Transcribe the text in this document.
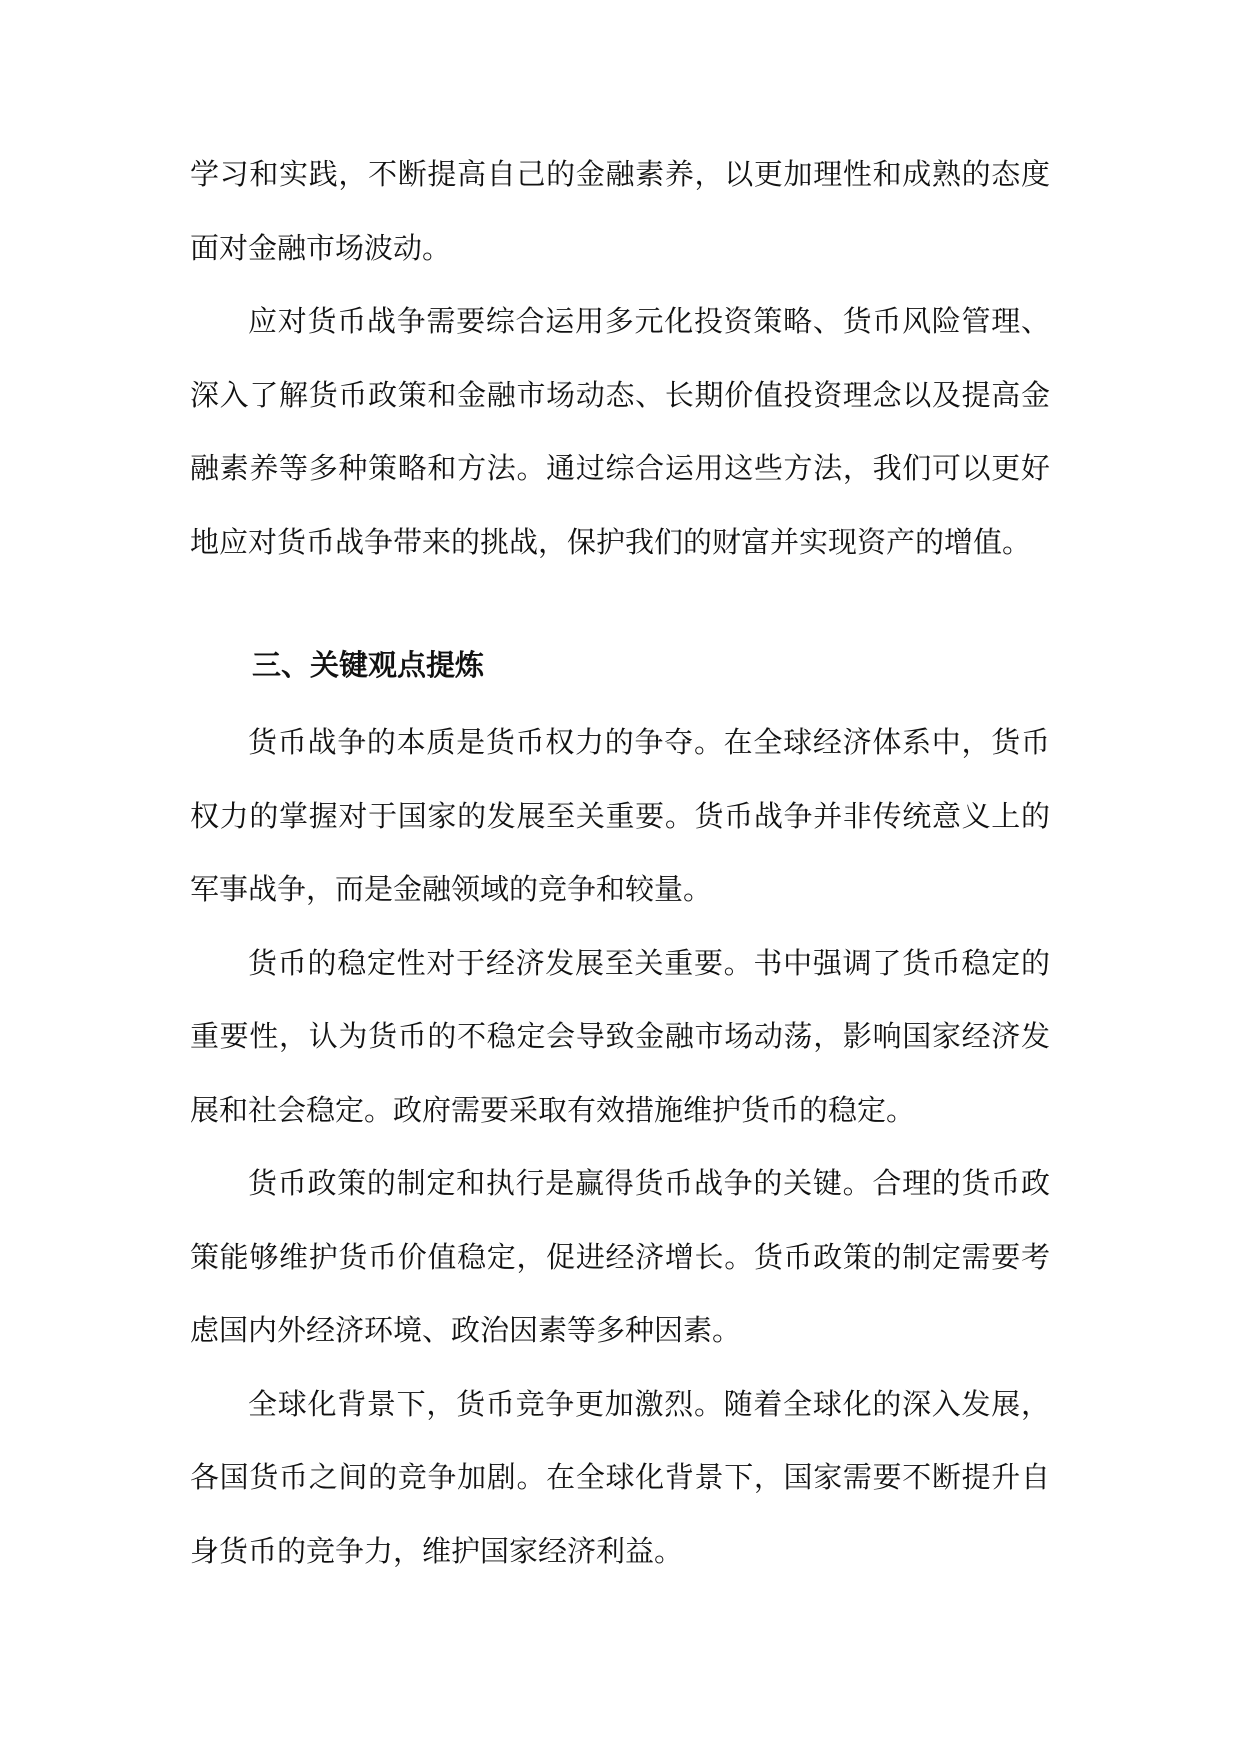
学习和实践，不断提高自己的金融素养，以更加理性和成熟的态度面对金融市场波动。

应对货币战争需要综合运用多元化投资策略、货币风险管理、深入了解货币政策和金融市场动态、长期价值投资理念以及提高金融素养等多种策略和方法。通过综合运用这些方法，我们可以更好地应对货币战争带来的挑战，保护我们的财富并实现资产的增值。

三、关键观点提炼

货币战争的本质是货币权力的争夺。在全球经济体系中，货币权力的掌握对于国家的发展至关重要。货币战争并非传统意义上的军事战争，而是金融领域的竞争和较量。

货币的稳定性对于经济发展至关重要。书中强调了货币稳定的重要性，认为货币的不稳定会导致金融市场动荡，影响国家经济发展和社会稳定。政府需要采取有效措施维护货币的稳定。

货币政策的制定和执行是赢得货币战争的关键。合理的货币政策能够维护货币价值稳定，促进经济增长。货币政策的制定需要考虑国内外经济环境、政治因素等多种因素。

全球化背景下，货币竞争更加激烈。随着全球化的深入发展，各国货币之间的竞争加剧。在全球化背景下，国家需要不断提升自身货币的竞争力，维护国家经济利益。
